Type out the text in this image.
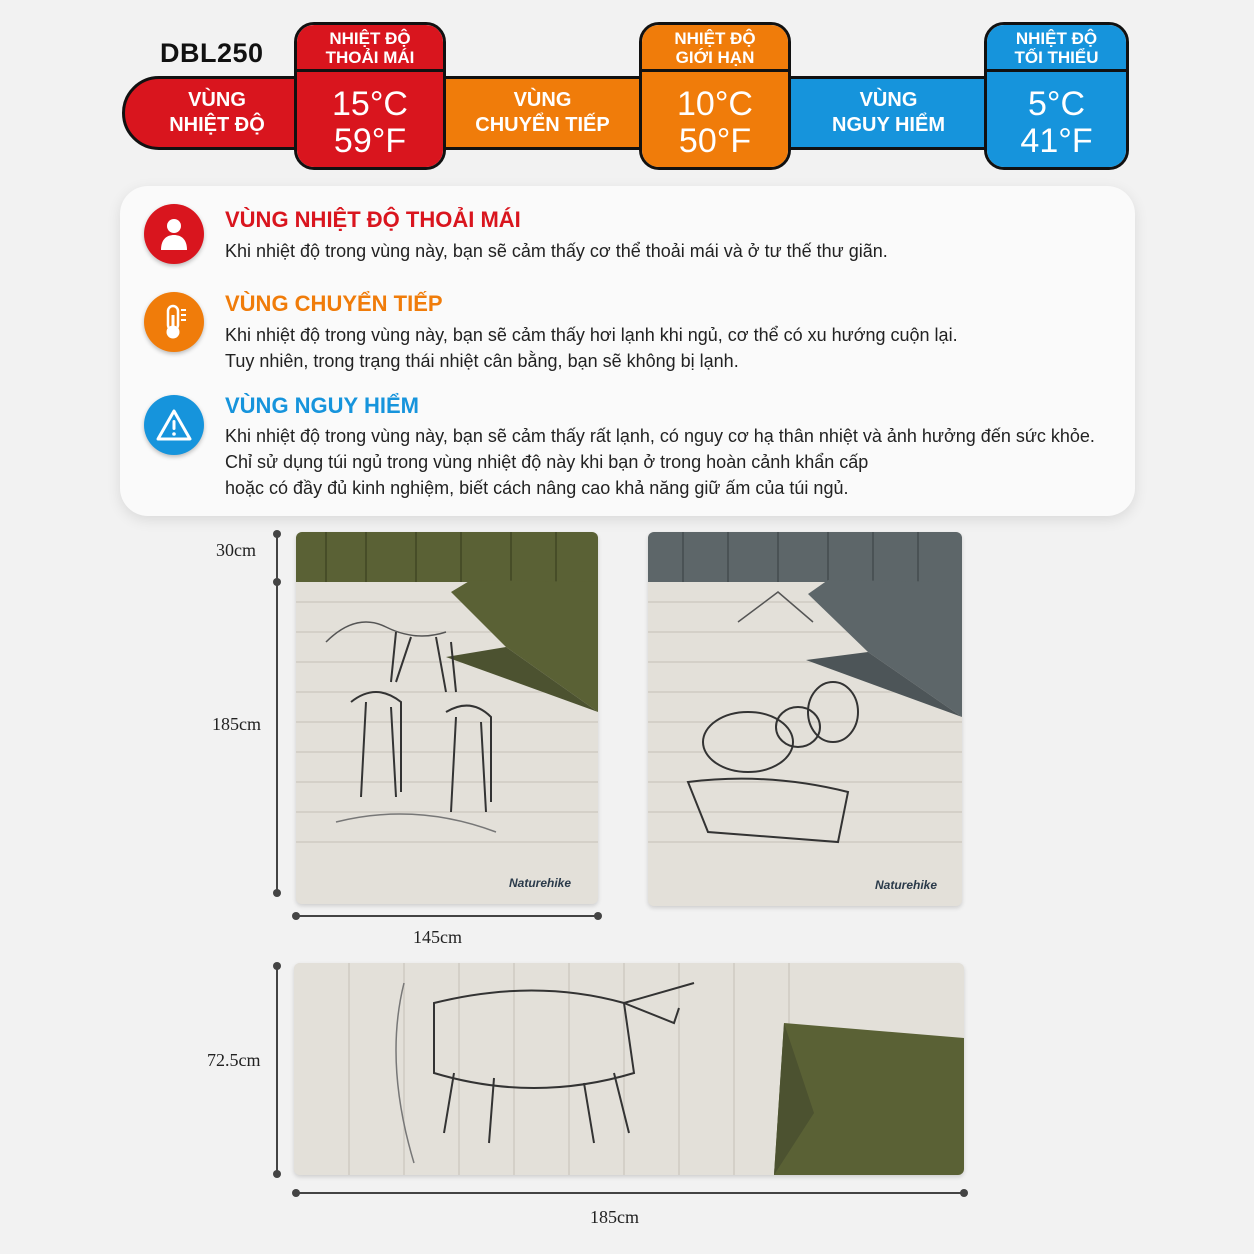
DBL250
VÙNG
NHIỆT ĐỘ
VÙNG
CHUYỂN TIẾP
VÙNG
NGUY HIỂM
NHIỆT ĐỘ
THOẢI MÁI
15°C
59°F
NHIỆT ĐỘ
GIỚI HẠN
10°C
50°F
NHIỆT ĐỘ
TỐI THIỂU
5°C
41°F
VÙNG NHIỆT ĐỘ THOẢI MÁI
Khi nhiệt độ trong vùng này, bạn sẽ cảm thấy cơ thể thoải mái và ở tư thế thư giãn.
VÙNG CHUYỂN TIẾP
Khi nhiệt độ trong vùng này, bạn sẽ cảm thấy hơi lạnh khi ngủ, cơ thể có xu hướng cuộn lại.
Tuy nhiên, trong trạng thái nhiệt cân bằng, bạn sẽ không bị lạnh.
VÙNG NGUY HIỂM
Khi nhiệt độ trong vùng này, bạn sẽ cảm thấy rất lạnh, có nguy cơ hạ thân nhiệt và ảnh hưởng đến sức khỏe.
Chỉ sử dụng túi ngủ trong vùng nhiệt độ này khi bạn ở trong hoàn cảnh khẩn cấp
hoặc có đầy đủ kinh nghiệm, biết cách nâng cao khả năng giữ ấm của túi ngủ.
30cm
185cm
145cm
Naturehike	Naturehike
72.5cm
185cm
